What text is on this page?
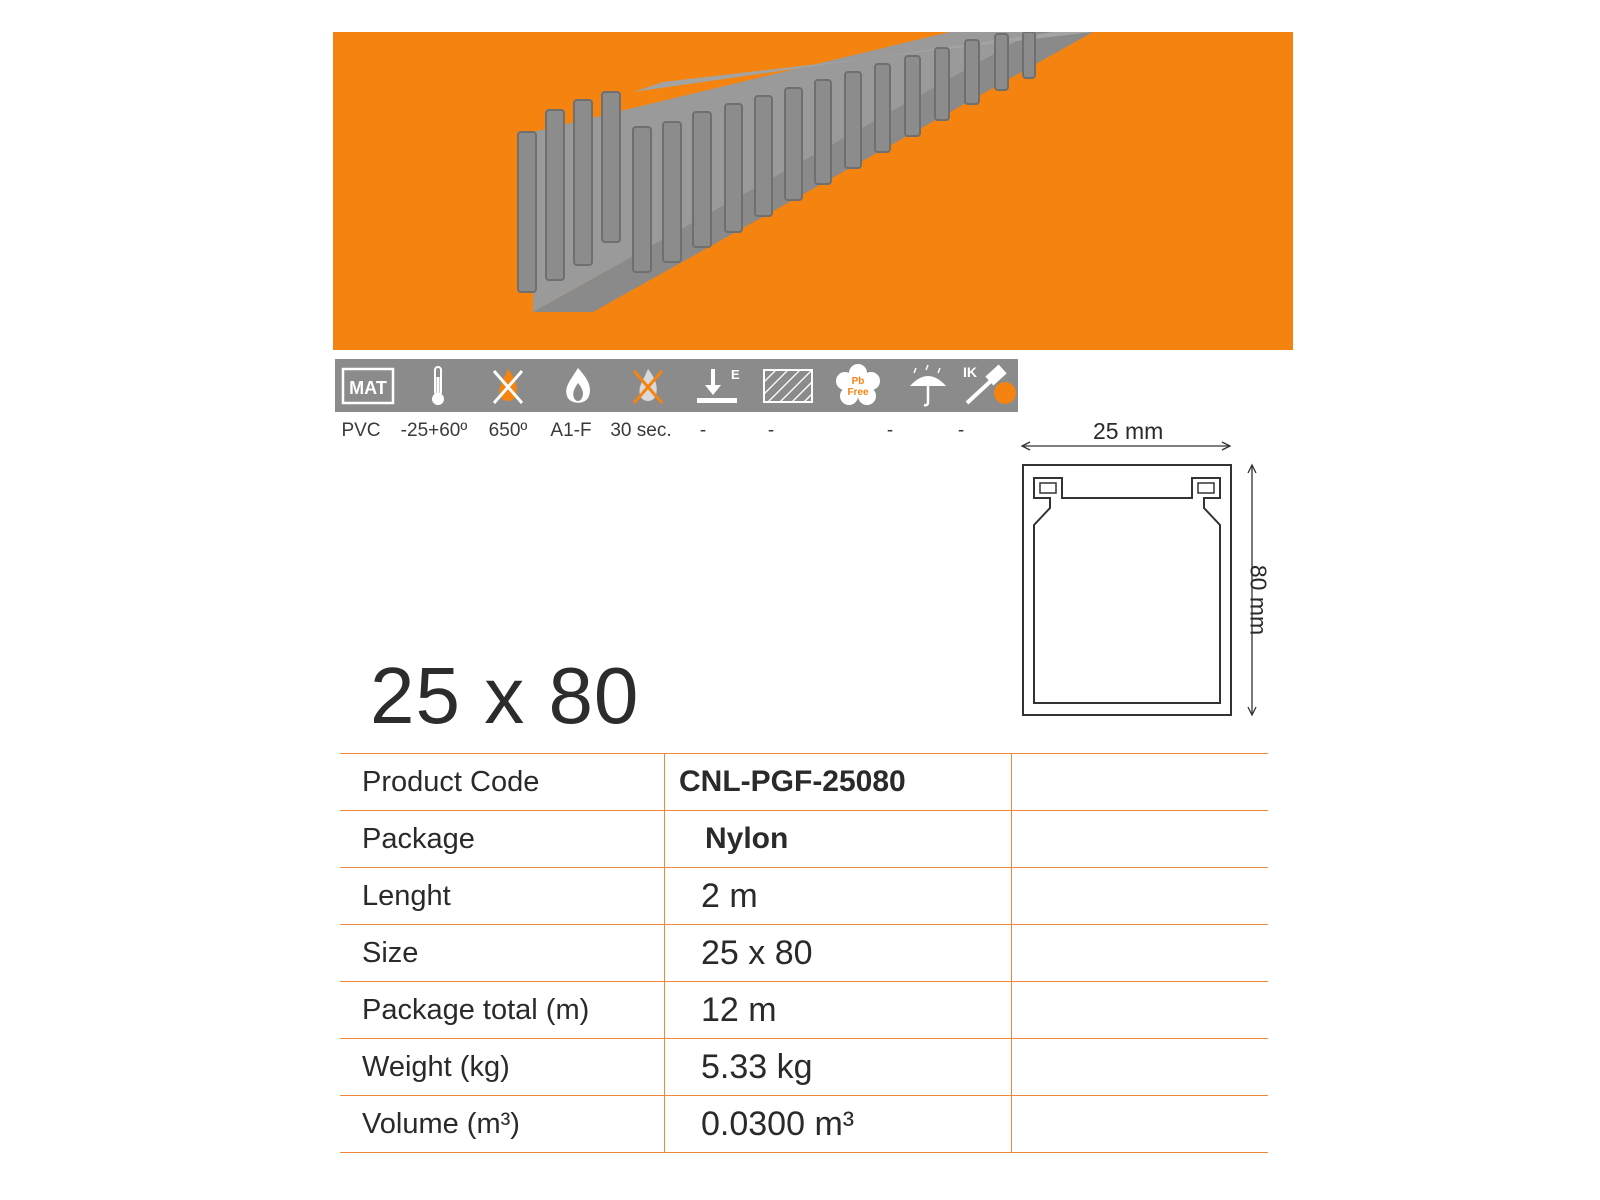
MAT
E	Pb
Free
IK
PVC -25+60º 650º A1-F 30 sec. -	-	-	-
25 x 80
25 mm
80 mm
Product Code	CNL-PGF-25080	
Package	Nylon	
Lenght	2 m	
Size	25 x 80	
Package total (m)	12 m	
Weight (kg)	5.33 kg	
Volume (m³)	0.0300 m³	
